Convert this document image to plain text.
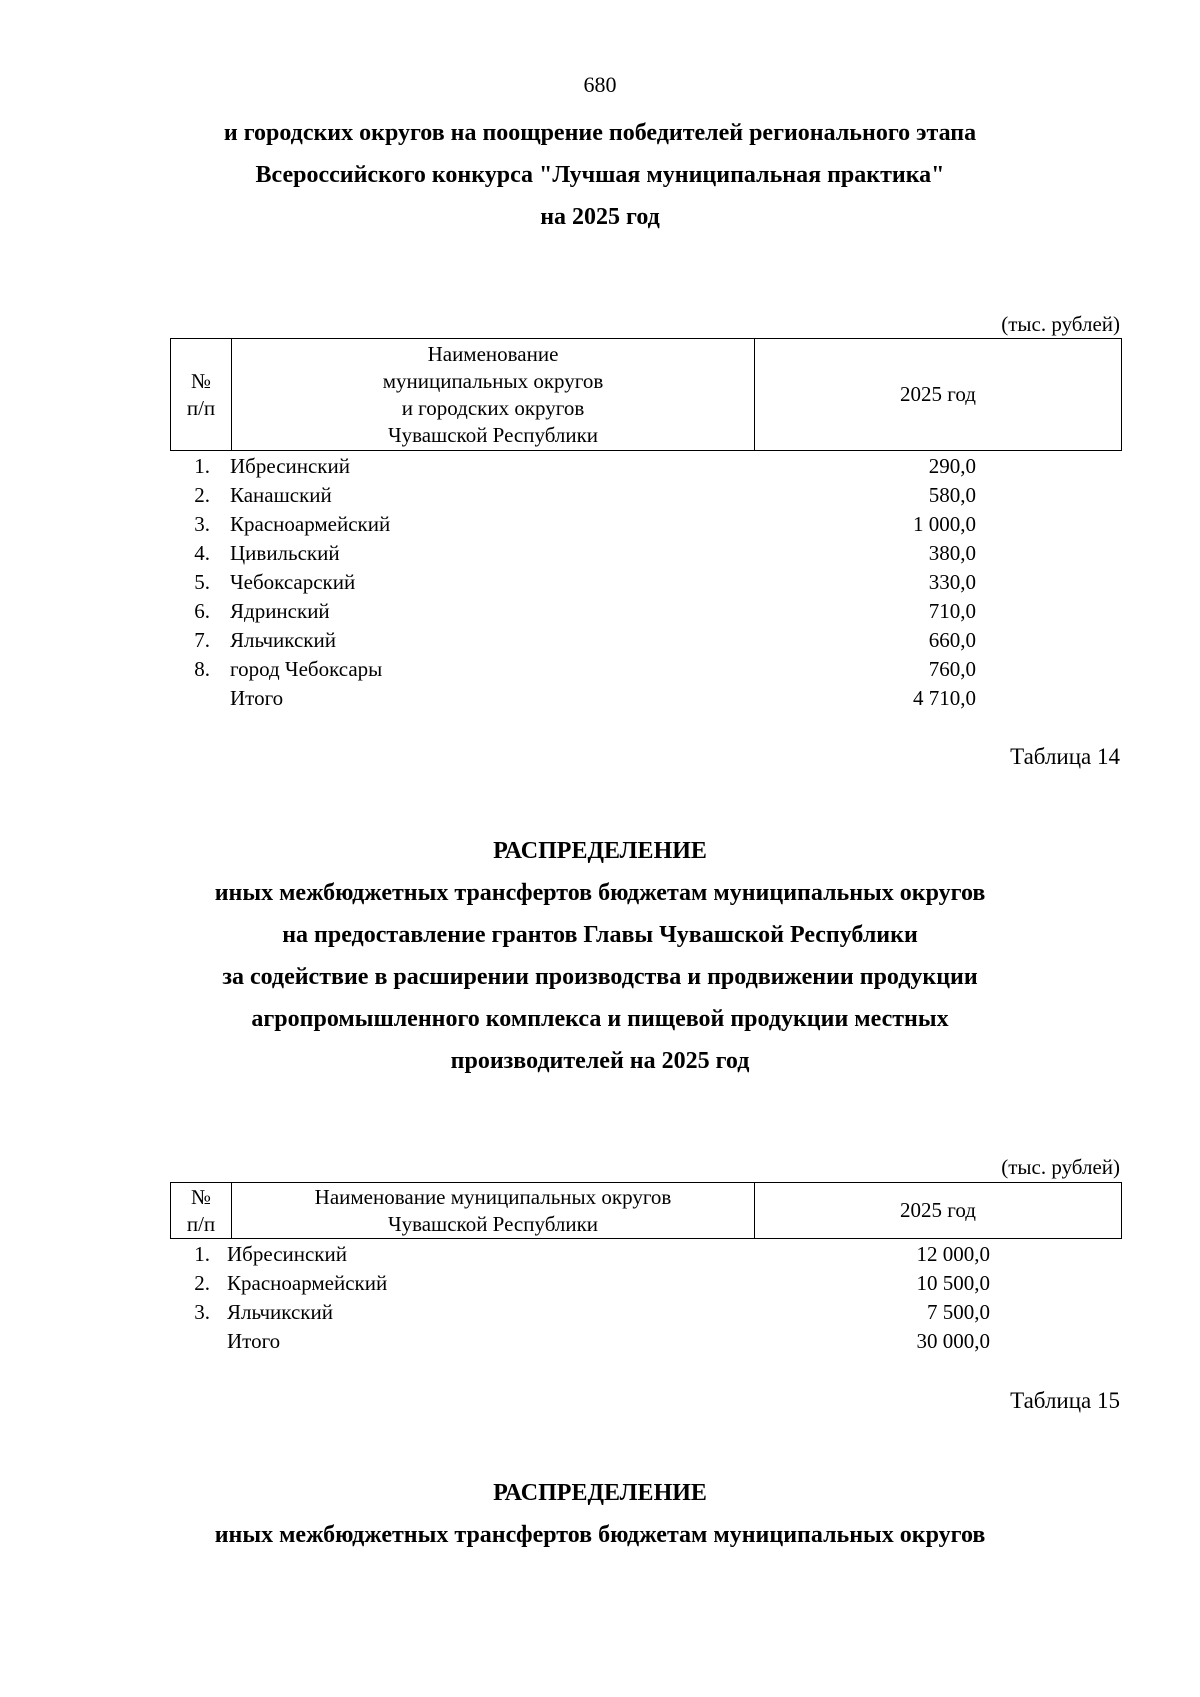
680
и городских округов на поощрение победителей регионального этапа
Всероссийского конкурса "Лучшая муниципальная практика"
на 2025 год
(тыс. рублей)
№
п/п

Наименование
муниципальных округов
и городских округов
Чувашской Республики

2025 год
1. Ибресинский	290,0
2. Канашский	580,0
3. Красноармейский	1 000,0
4. Цивильский	380,0
5. Чебоксарский	330,0
6. Ядринский	710,0
7. Яльчикский	660,0
8. город Чебоксары	760,0
Итого	4 710,0
Таблица 14
РАСПРЕДЕЛЕНИЕ
иных межбюджетных трансфертов бюджетам муниципальных округов
на предоставление грантов Главы Чувашской Республики
за содействие в расширении производства и продвижении продукции
агропромышленного комплекса и пищевой продукции местных
производителей на 2025 год
(тыс. рублей)
№
п/п

Наименование муниципальных округов
Чувашской Республики

2025 год
1. Ибресинский	12 000,0
2. Красноармейский	10 500,0
3. Яльчикский	7 500,0
Итого	30 000,0
Таблица 15
РАСПРЕДЕЛЕНИЕ
иных межбюджетных трансфертов бюджетам муниципальных округов
